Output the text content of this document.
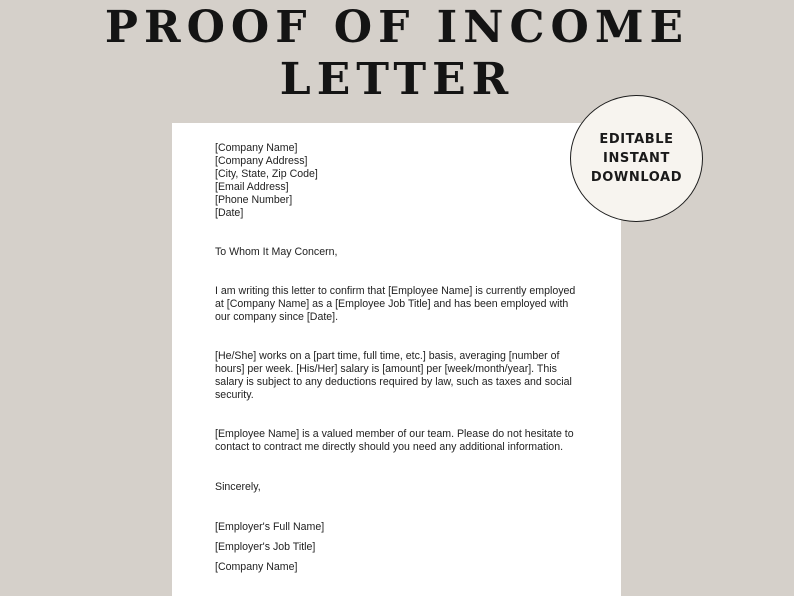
PROOF OF INCOME
LETTER
[Company Name]
[Company Address]
[City, State, Zip Code]
[Email Address]
[Phone Number]
[Date]

To Whom It May Concern,

I am writing this letter to confirm that [Employee Name] is currently employed at [Company Name] as a [Employee Job Title] and has been employed with our company since [Date].

[He/She] works on a [part time, full time, etc.] basis, averaging [number of hours] per week. [His/Her] salary is [amount] per [week/month/year]. This salary is subject to any deductions required by law, such as taxes and social security.

[Employee Name] is a valued member of our team. Please do not hesitate to contact to contract me directly should you need any additional information.

Sincerely,

[Employer's Full Name]
[Employer's Job Title]
[Company Name]
EDITABLE
INSTANT
DOWNLOAD
